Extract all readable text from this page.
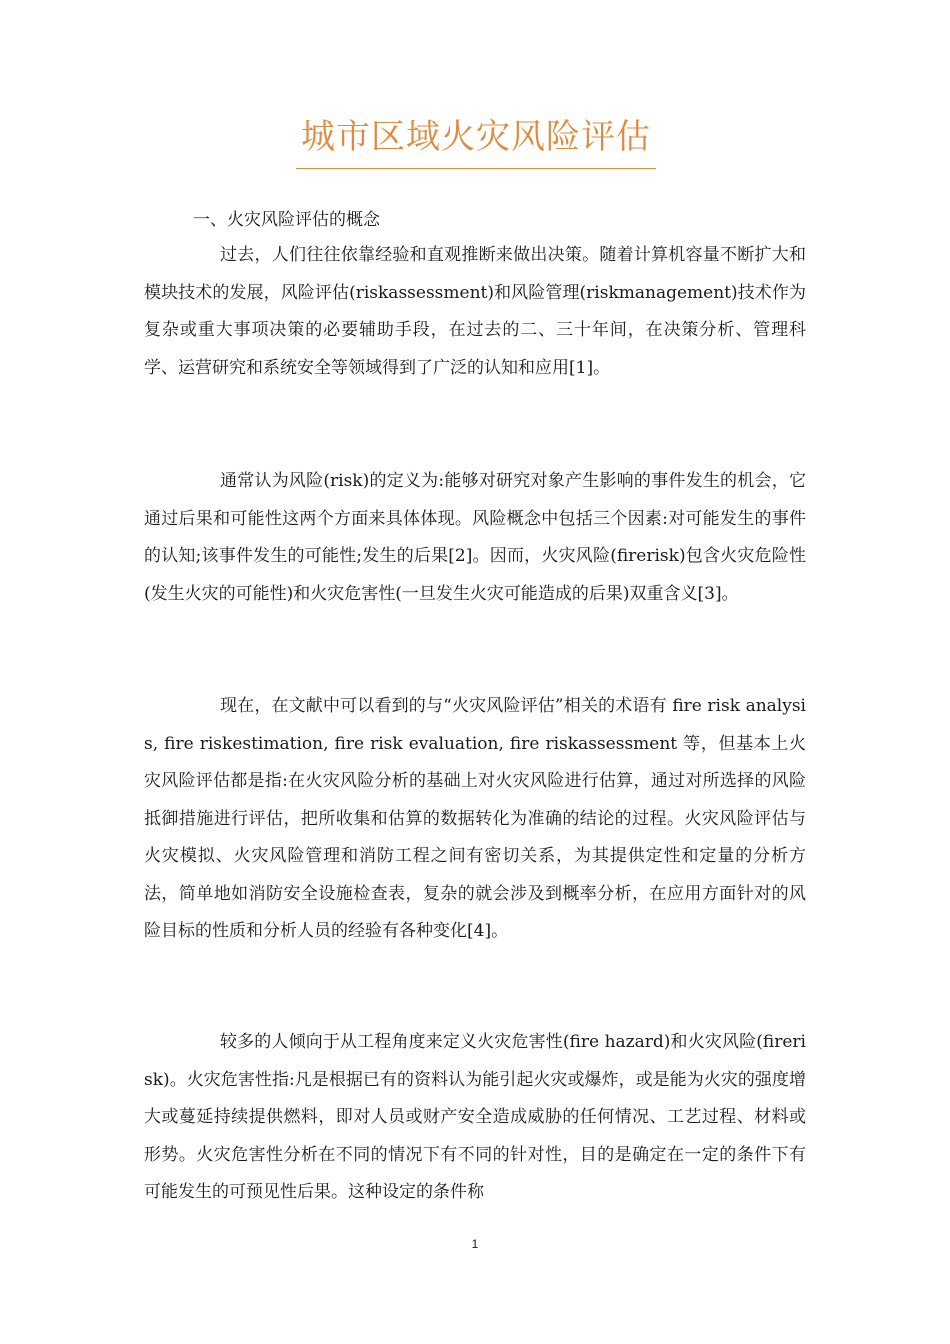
城市区域火灾风险评估
一、火灾风险评估的概念

过去，人们往往依靠经验和直观推断来做出决策。随着计算机容量不断扩大和模块技术的发展，风险评估(riskassessment)和风险管理(riskmanagement)技术作为复杂或重大事项决策的必要辅助手段，在过去的二、三十年间，在决策分析、管理科学、运营研究和系统安全等领域得到了广泛的认知和应用[1]。

通常认为风险(risk)的定义为:能够对研究对象产生影响的事件发生的机会，它通过后果和可能性这两个方面来具体体现。风险概念中包括三个因素:对可能发生的事件的认知;该事件发生的可能性;发生的后果[2]。因而，火灾风险(firerisk)包含火灾危险性(发生火灾的可能性)和火灾危害性(一旦发生火灾可能造成的后果)双重含义[3]。

现在，在文献中可以看到的与“火灾风险评估”相关的术语有 fire risk analysis, fire riskestimation, fire risk evaluation, fire riskassessment 等，但基本上火灾风险评估都是指:在火灾风险分析的基础上对火灾风险进行估算，通过对所选择的风险抵御措施进行评估，把所收集和估算的数据转化为准确的结论的过程。火灾风险评估与火灾模拟、火灾风险管理和消防工程之间有密切关系，为其提供定性和定量的分析方法，简单地如消防安全设施检查表，复杂的就会涉及到概率分析，在应用方面针对的风险目标的性质和分析人员的经验有各种变化[4]。

较多的人倾向于从工程角度来定义火灾危害性(fire hazard)和火灾风险(firerisk)。火灾危害性指:凡是根据已有的资料认为能引起火灾或爆炸，或是能为火灾的强度增大或蔓延持续提供燃料，即对人员或财产安全造成威胁的任何情况、工艺过程、材料或形势。火灾危害性分析在不同的情况下有不同的针对性，目的是确定在一定的条件下有可能发生的可预见性后果。这种设定的条件称

1
